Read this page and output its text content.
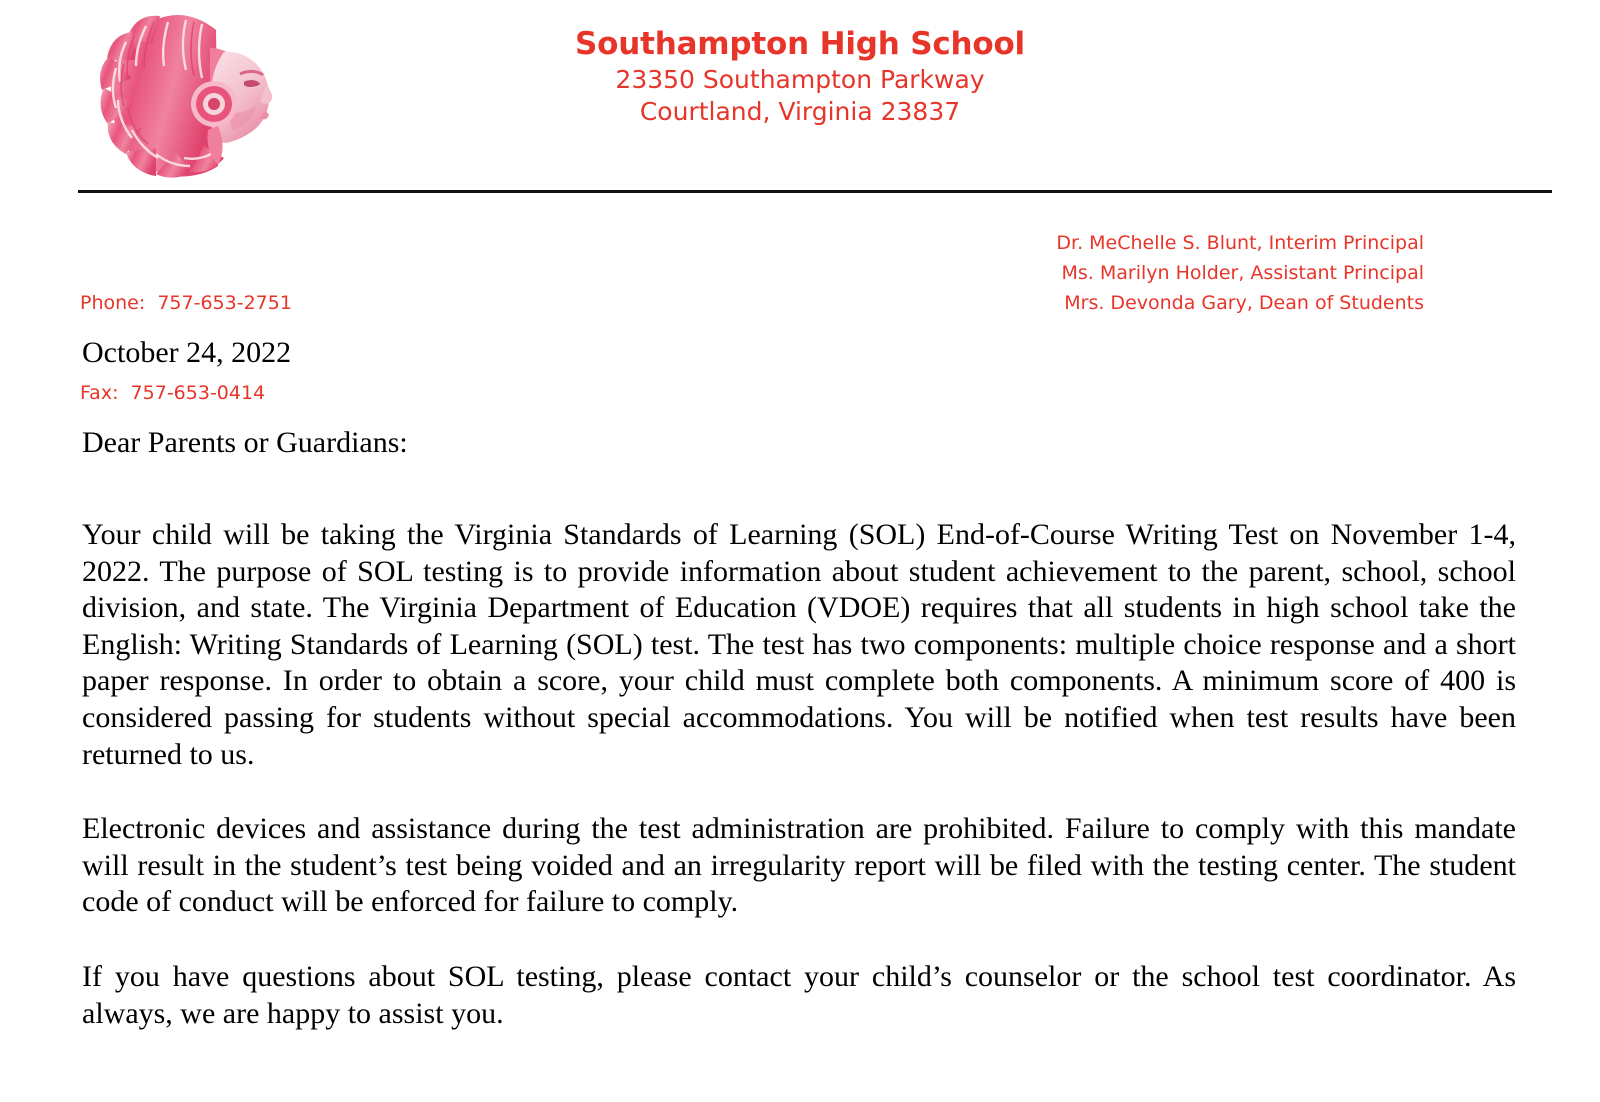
Southampton High School
23350 Southampton Parkway
Courtland, Virginia 23837

Phone:  757-653-2751

Fax:  757-653-0414

Dr. MeChelle S. Blunt, Interim Principal
Ms. Marilyn Holder, Assistant Principal
Mrs. Devonda Gary, Dean of Students

October 24, 2022

Dear Parents or Guardians:

Your child will be taking the Virginia Standards of Learning (SOL) End-of-Course Writing Test on November 1-4, 2022. The purpose of SOL testing is to provide information about student achievement to the parent, school, school division, and state. The Virginia Department of Education (VDOE) requires that all students in high school take the English: Writing Standards of Learning (SOL) test. The test has two components: multiple choice response and a short paper response. In order to obtain a score, your child must complete both components. A minimum score of 400 is considered passing for students without special accommodations. You will be notified when test results have been returned to us.

Electronic devices and assistance during the test administration are prohibited. Failure to comply with this mandate will result in the student’s test being voided and an irregularity report will be filed with the testing center. The student code of conduct will be enforced for failure to comply.

If you have questions about SOL testing, please contact your child’s counselor or the school test coordinator. As always, we are happy to assist you.
